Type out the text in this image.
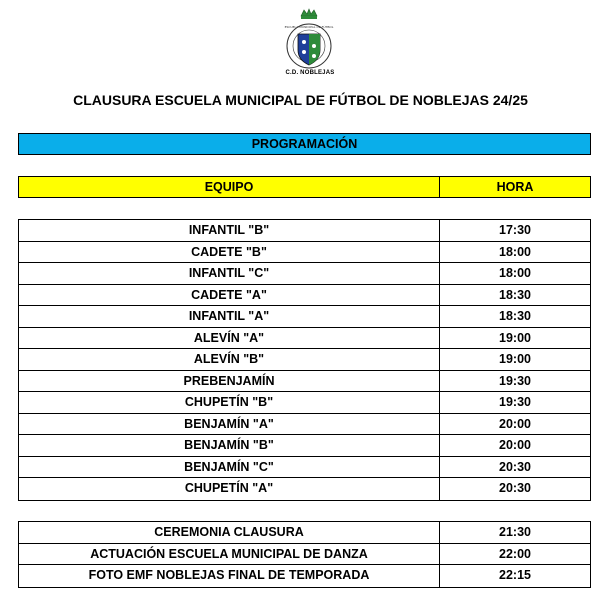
ESCUELA MUNICIPAL DE FÚTBOL
C.D. NOBLEJAS
CLAUSURA ESCUELA MUNICIPAL DE FÚTBOL DE NOBLEJAS 24/25
PROGRAMACIÓN
EQUIPO	HORA
INFANTIL "B"	17:30
CADETE "B"	18:00
INFANTIL "C"	18:00
CADETE "A"	18:30
INFANTIL "A"	18:30
ALEVÍN "A"	19:00
ALEVÍN "B"	19:00
PREBENJAMÍN	19:30
CHUPETÍN "B"	19:30
BENJAMÍN "A"	20:00
BENJAMÍN "B"	20:00
BENJAMÍN "C"	20:30
CHUPETÍN "A"	20:30
CEREMONIA CLAUSURA	21:30
ACTUACIÓN ESCUELA MUNICIPAL DE DANZA	22:00
FOTO EMF NOBLEJAS FINAL DE TEMPORADA	22:15
